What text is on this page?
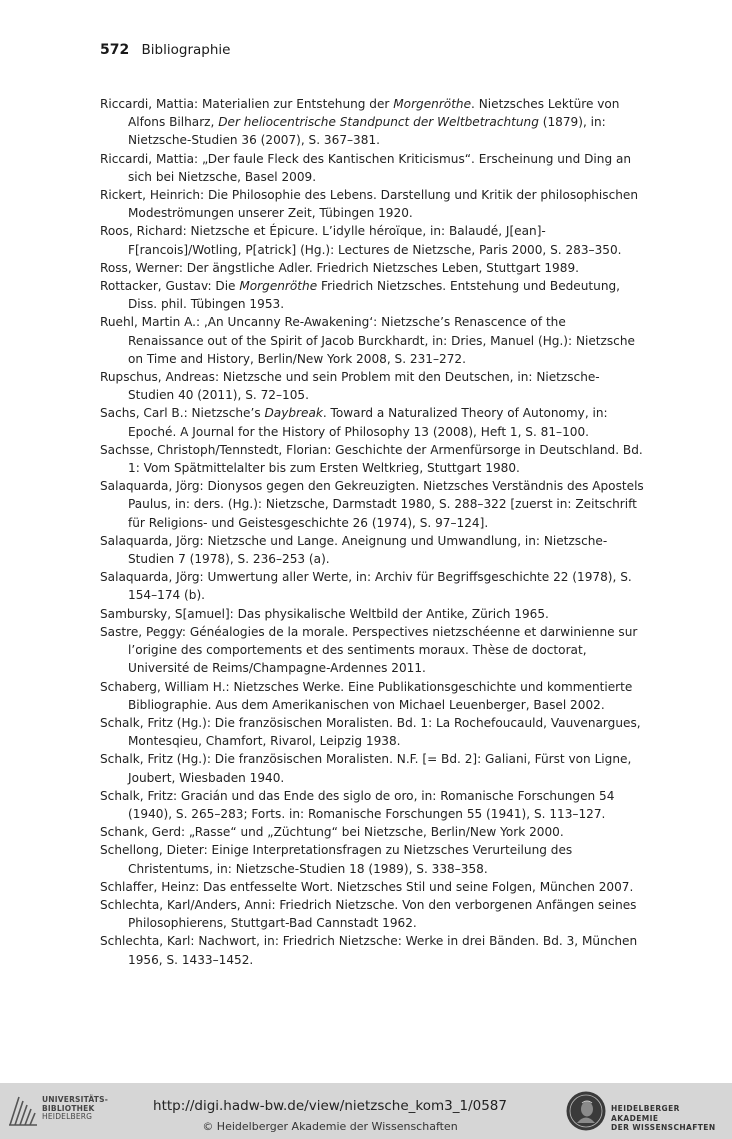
572 Bibliographie

Riccardi, Mattia: Materialien zur Entstehung der Morgenröthe. Nietzsches Lektüre von Alfons Bilharz, Der heliocentrische Standpunct der Weltbetrachtung (1879), in: Nietzsche-Studien 36 (2007), S. 367–381.

Riccardi, Mattia: „Der faule Fleck des Kantischen Kriticismus“. Erscheinung und Ding an sich bei Nietzsche, Basel 2009.

Rickert, Heinrich: Die Philosophie des Lebens. Darstellung und Kritik der philosophischen Modeströmungen unserer Zeit, Tübingen 1920.

Roos, Richard: Nietzsche et Épicure. L’idylle héroïque, in: Balaudé, J[ean]-F[rancois]/Wotling, P[atrick] (Hg.): Lectures de Nietzsche, Paris 2000, S. 283–350.

Ross, Werner: Der ängstliche Adler. Friedrich Nietzsches Leben, Stuttgart 1989.

Rottacker, Gustav: Die Morgenröthe Friedrich Nietzsches. Entstehung und Bedeutung, Diss. phil. Tübingen 1953.

Ruehl, Martin A.: ‚An Uncanny Re-Awakening‘: Nietzsche’s Renascence of the Renaissance out of the Spirit of Jacob Burckhardt, in: Dries, Manuel (Hg.): Nietzsche on Time and History, Berlin/New York 2008, S. 231–272.

Rupschus, Andreas: Nietzsche und sein Problem mit den Deutschen, in: Nietzsche-Studien 40 (2011), S. 72–105.

Sachs, Carl B.: Nietzsche’s Daybreak. Toward a Naturalized Theory of Autonomy, in: Epoché. A Journal for the History of Philosophy 13 (2008), Heft 1, S. 81–100.

Sachsse, Christoph/Tennstedt, Florian: Geschichte der Armenfürsorge in Deutschland. Bd. 1: Vom Spätmittelalter bis zum Ersten Weltkrieg, Stuttgart 1980.

Salaquarda, Jörg: Dionysos gegen den Gekreuzigten. Nietzsches Verständnis des Apostels Paulus, in: ders. (Hg.): Nietzsche, Darmstadt 1980, S. 288–322 [zuerst in: Zeitschrift für Religions- und Geistesgeschichte 26 (1974), S. 97–124].

Salaquarda, Jörg: Nietzsche und Lange. Aneignung und Umwandlung, in: Nietzsche-Studien 7 (1978), S. 236–253 (a).

Salaquarda, Jörg: Umwertung aller Werte, in: Archiv für Begriffsgeschichte 22 (1978), S. 154–174 (b).

Sambursky, S[amuel]: Das physikalische Weltbild der Antike, Zürich 1965.

Sastre, Peggy: Généalogies de la morale. Perspectives nietzschéenne et darwinienne sur l’origine des comportements et des sentiments moraux. Thèse de doctorat, Université de Reims/Champagne-Ardennes 2011.

Schaberg, William H.: Nietzsches Werke. Eine Publikationsgeschichte und kommentierte Bibliographie. Aus dem Amerikanischen von Michael Leuenberger, Basel 2002.

Schalk, Fritz (Hg.): Die französischen Moralisten. Bd. 1: La Rochefoucauld, Vauvenargues, Montesqieu, Chamfort, Rivarol, Leipzig 1938.

Schalk, Fritz (Hg.): Die französischen Moralisten. N.F. [= Bd. 2]: Galiani, Fürst von Ligne, Joubert, Wiesbaden 1940.

Schalk, Fritz: Gracián und das Ende des siglo de oro, in: Romanische Forschungen 54 (1940), S. 265–283; Forts. in: Romanische Forschungen 55 (1941), S. 113–127.

Schank, Gerd: „Rasse“ und „Züchtung“ bei Nietzsche, Berlin/New York 2000.

Schellong, Dieter: Einige Interpretationsfragen zu Nietzsches Verurteilung des Christentums, in: Nietzsche-Studien 18 (1989), S. 338–358.

Schlaffer, Heinz: Das entfesselte Wort. Nietzsches Stil und seine Folgen, München 2007.

Schlechta, Karl/Anders, Anni: Friedrich Nietzsche. Von den verborgenen Anfängen seines Philosophierens, Stuttgart-Bad Cannstadt 1962.

Schlechta, Karl: Nachwort, in: Friedrich Nietzsche: Werke in drei Bänden. Bd. 3, München 1956, S. 1433–1452.

UNIVERSITÄTS-
BIBLIOTHEK
HEIDELBERG
http://digi.hadw-bw.de/view/nietzsche_kom3_1/0587
© Heidelberger Akademie der Wissenschaften
HEIDELBERGER AKADEMIE
DER WISSENSCHAFTEN
